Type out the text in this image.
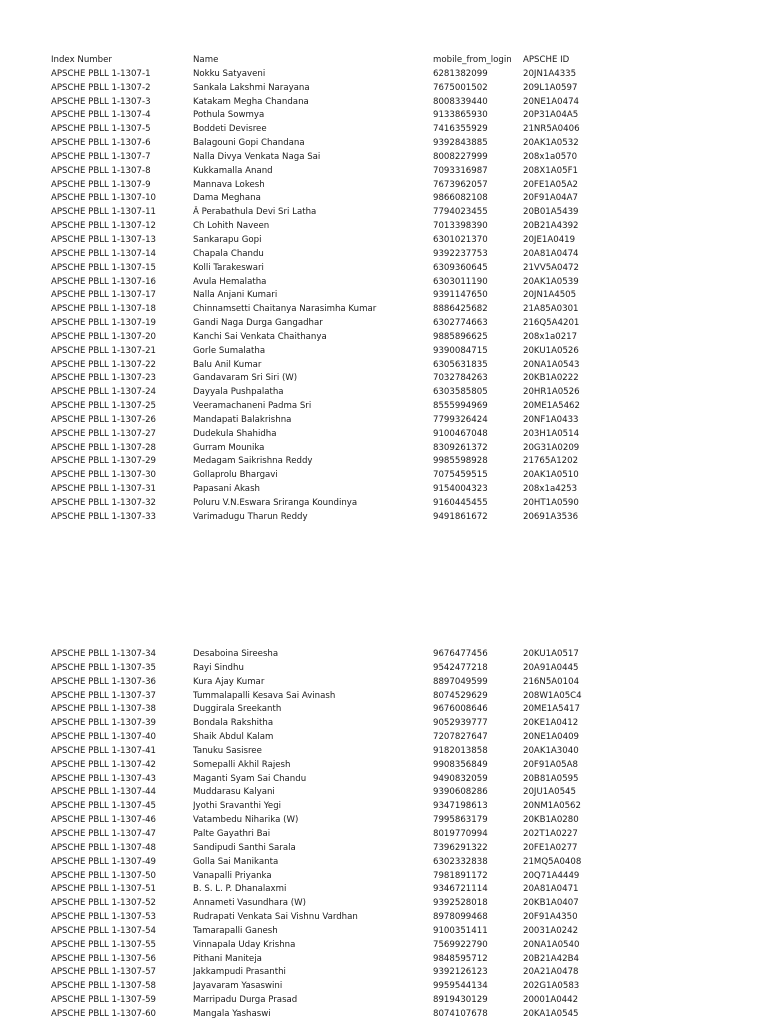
Index Number	Name	mobile_from_login	APSCHE ID
APSCHE PBLL 1-1307-1	Nokku Satyaveni	6281382099	20JN1A4335
APSCHE PBLL 1-1307-2	Sankala Lakshmi Narayana	7675001502	209L1A0597
APSCHE PBLL 1-1307-3	Katakam Megha Chandana	8008339440	20NE1A0474
APSCHE PBLL 1-1307-4	Pothula Sowmya	9133865930	20P31A04A5
APSCHE PBLL 1-1307-5	Boddeti Devisree	7416355929	21NR5A0406
APSCHE PBLL 1-1307-6	Balagouni Gopi Chandana	9392843885	20AK1A0532
APSCHE PBLL 1-1307-7	Nalla Divya Venkata Naga Sai	8008227999	208x1a0570
APSCHE PBLL 1-1307-8	Kukkamalla Anand	7093316987	208X1A05F1
APSCHE PBLL 1-1307-9	Mannava Lokesh	7673962057	20FE1A05A2
APSCHE PBLL 1-1307-10	Dama Meghana	9866082108	20F91A04A7
APSCHE PBLL 1-1307-11	Â Perabathula Devi Sri Latha	7794023455	20B01A5439
APSCHE PBLL 1-1307-12	Ch Lohith Naveen	7013398390	20B21A4392
APSCHE PBLL 1-1307-13	Sankarapu Gopi	6301021370	20JE1A0419
APSCHE PBLL 1-1307-14	Chapala Chandu	9392237753	20A81A0474
APSCHE PBLL 1-1307-15	Kolli Tarakeswari	6309360645	21VV5A0472
APSCHE PBLL 1-1307-16	Avula Hemalatha	6303011190	20AK1A0539
APSCHE PBLL 1-1307-17	Nalla Anjani Kumari	9391147650	20JN1A4505
APSCHE PBLL 1-1307-18	Chinnamsetti Chaitanya Narasimha Kumar	8886425682	21A85A0301
APSCHE PBLL 1-1307-19	Gandi Naga Durga Gangadhar	6302774663	216Q5A4201
APSCHE PBLL 1-1307-20	Kanchi Sai Venkata Chaithanya	9885896625	208x1a0217
APSCHE PBLL 1-1307-21	Gorle Sumalatha	9390084715	20KU1A0526
APSCHE PBLL 1-1307-22	Balu Anil Kumar	6305631835	20NA1A0543
APSCHE PBLL 1-1307-23	Gandavaram Sri Siri (W)	7032784263	20KB1A0222
APSCHE PBLL 1-1307-24	Dayyala Pushpalatha	6303585805	20HR1A0526
APSCHE PBLL 1-1307-25	Veeramachaneni Padma Sri	8555994969	20ME1A5462
APSCHE PBLL 1-1307-26	Mandapati Balakrishna	7799326424	20NF1A0433
APSCHE PBLL 1-1307-27	Dudekula Shahidha	9100467048	203H1A0514
APSCHE PBLL 1-1307-28	Gurram Mounika	8309261372	20G31A0209
APSCHE PBLL 1-1307-29	Medagam Saikrishna Reddy	9985598928	21765A1202
APSCHE PBLL 1-1307-30	Gollaprolu Bhargavi	7075459515	20AK1A0510
APSCHE PBLL 1-1307-31	Papasani Akash	9154004323	208x1a4253
APSCHE PBLL 1-1307-32	Poluru V.N.Eswara Sriranga Koundinya	9160445455	20HT1A0590
APSCHE PBLL 1-1307-33	Varimadugu Tharun Reddy	9491861672	20691A3536
APSCHE PBLL 1-1307-34	Desaboina Sireesha	9676477456	20KU1A0517
APSCHE PBLL 1-1307-35	Rayi Sindhu	9542477218	20A91A0445
APSCHE PBLL 1-1307-36	Kura Ajay Kumar	8897049599	216N5A0104
APSCHE PBLL 1-1307-37	Tummalapalli Kesava Sai Avinash	8074529629	208W1A05C4
APSCHE PBLL 1-1307-38	Duggirala Sreekanth	9676008646	20ME1A5417
APSCHE PBLL 1-1307-39	Bondala Rakshitha	9052939777	20KE1A0412
APSCHE PBLL 1-1307-40	Shaik Abdul Kalam	7207827647	20NE1A0409
APSCHE PBLL 1-1307-41	Tanuku Sasisree	9182013858	20AK1A3040
APSCHE PBLL 1-1307-42	Somepalli Akhil Rajesh	9908356849	20F91A05A8
APSCHE PBLL 1-1307-43	Maganti Syam Sai Chandu	9490832059	20B81A0595
APSCHE PBLL 1-1307-44	Muddarasu Kalyani	9390608286	20JU1A0545
APSCHE PBLL 1-1307-45	Jyothi Sravanthi Yegi	9347198613	20NM1A0562
APSCHE PBLL 1-1307-46	Vatambedu Niharika (W)	7995863179	20KB1A0280
APSCHE PBLL 1-1307-47	Palte Gayathri Bai	8019770994	202T1A0227
APSCHE PBLL 1-1307-48	Sandipudi Santhi Sarala	7396291322	20FE1A0277
APSCHE PBLL 1-1307-49	Golla Sai Manikanta	6302332838	21MQ5A0408
APSCHE PBLL 1-1307-50	Vanapalli Priyanka	7981891172	20Q71A4449
APSCHE PBLL 1-1307-51	B. S. L. P. Dhanalaxmi	9346721114	20A81A0471
APSCHE PBLL 1-1307-52	Annameti Vasundhara (W)	9392528018	20KB1A0407
APSCHE PBLL 1-1307-53	Rudrapati Venkata Sai Vishnu Vardhan	8978099468	20F91A4350
APSCHE PBLL 1-1307-54	Tamarapalli Ganesh	9100351411	20031A0242
APSCHE PBLL 1-1307-55	Vinnapala Uday Krishna	7569922790	20NA1A0540
APSCHE PBLL 1-1307-56	Pithani Maniteja	9848595712	20B21A42B4
APSCHE PBLL 1-1307-57	Jakkampudi Prasanthi	9392126123	20A21A0478
APSCHE PBLL 1-1307-58	Jayavaram Yasaswini	9959544134	202G1A0583
APSCHE PBLL 1-1307-59	Marripadu Durga Prasad	8919430129	20001A0442
APSCHE PBLL 1-1307-60	Mangala Yashaswi	8074107678	20KA1A0545
